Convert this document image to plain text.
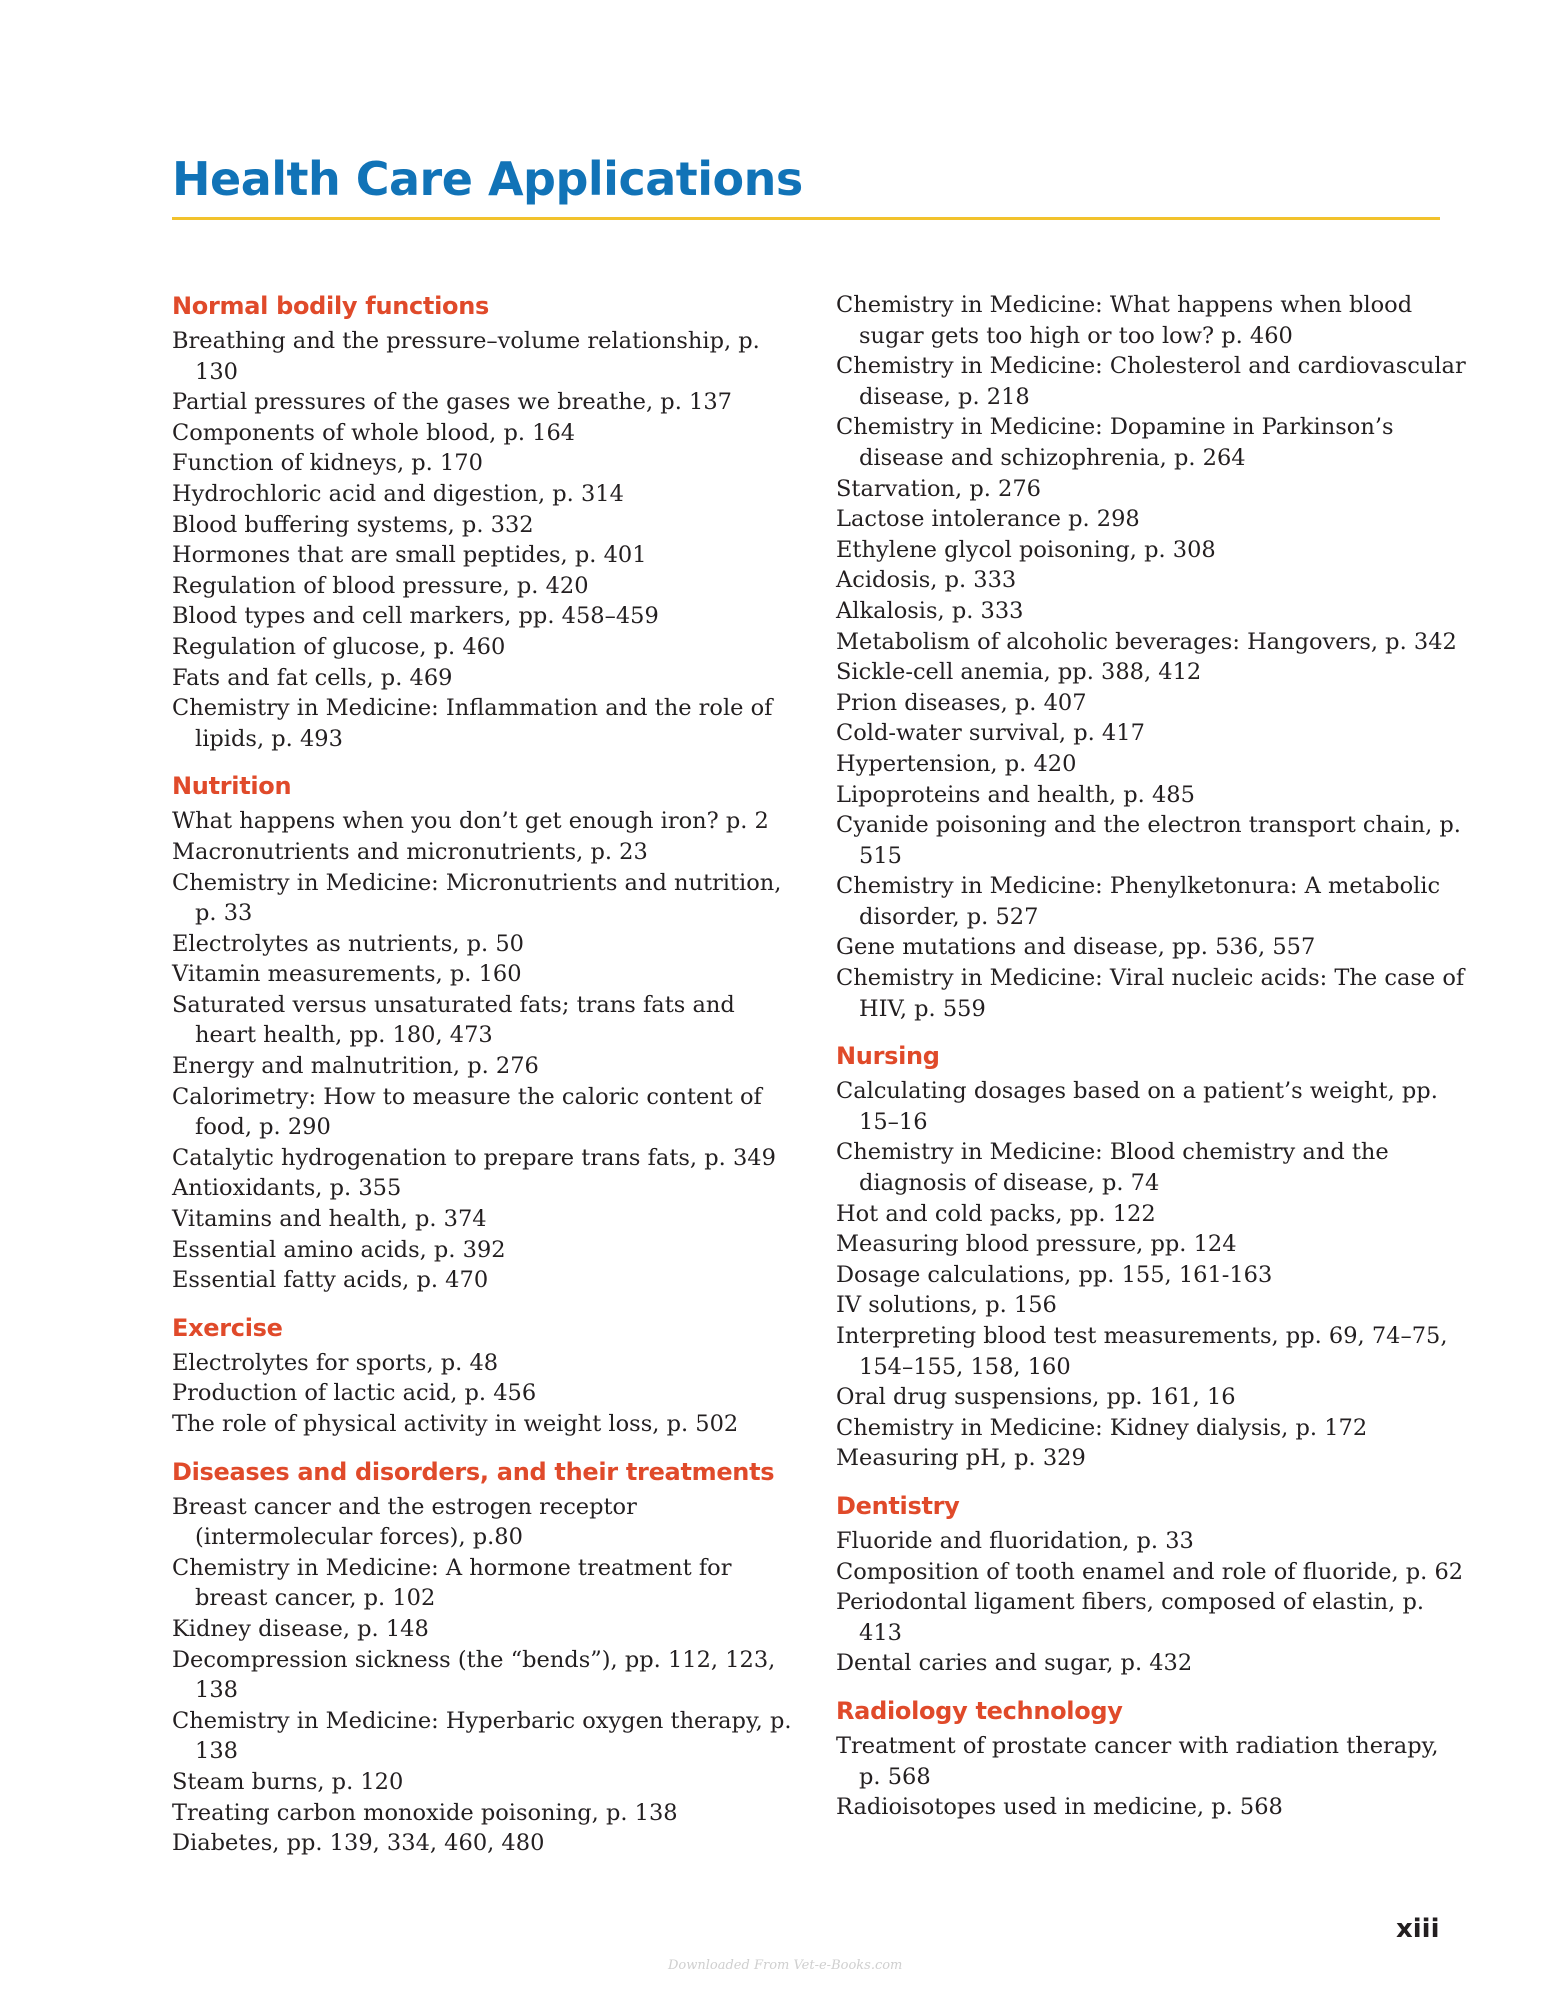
Health Care Applications
Normal bodily functions
Breathing and the pressure–volume relationship, p. 130
Partial pressures of the gases we breathe, p. 137
Components of whole blood, p. 164
Function of kidneys, p. 170
Hydrochloric acid and digestion, p. 314
Blood buffering systems, p. 332
Hormones that are small peptides, p. 401
Regulation of blood pressure, p. 420
Blood types and cell markers, pp. 458–459
Regulation of glucose, p. 460
Fats and fat cells, p. 469
Chemistry in Medicine: Inflammation and the role of lipids, p. 493
Nutrition
What happens when you don’t get enough iron? p. 2
Macronutrients and micronutrients, p. 23
Chemistry in Medicine: Micronutrients and nutrition, p. 33
Electrolytes as nutrients, p. 50
Vitamin measurements, p. 160
Saturated versus unsaturated fats; trans fats and heart health, pp. 180, 473
Energy and malnutrition, p. 276
Calorimetry: How to measure the caloric content of food, p. 290
Catalytic hydrogenation to prepare trans fats, p. 349
Antioxidants, p. 355
Vitamins and health, p. 374
Essential amino acids, p. 392
Essential fatty acids, p. 470
Exercise
Electrolytes for sports, p. 48
Production of lactic acid, p. 456
The role of physical activity in weight loss, p. 502
Diseases and disorders, and their treatments
Breast cancer and the estrogen receptor (intermolecular forces), p.80
Chemistry in Medicine: A hormone treatment for breast cancer, p. 102
Kidney disease, p. 148
Decompression sickness (the “bends”), pp. 112, 123, 138
Chemistry in Medicine: Hyperbaric oxygen therapy, p. 138
Steam burns, p. 120
Treating carbon monoxide poisoning, p. 138
Diabetes, pp. 139, 334, 460, 480
Chemistry in Medicine: What happens when blood sugar gets too high or too low? p. 460
Chemistry in Medicine: Cholesterol and cardiovascular disease, p. 218
Chemistry in Medicine: Dopamine in Parkinson’s disease and schizophrenia, p. 264
Starvation, p. 276
Lactose intolerance p. 298
Ethylene glycol poisoning, p. 308
Acidosis, p. 333
Alkalosis, p. 333
Metabolism of alcoholic beverages: Hangovers, p. 342
Sickle-cell anemia, pp. 388, 412
Prion diseases, p. 407
Cold-water survival, p. 417
Hypertension, p. 420
Lipoproteins and health, p. 485
Cyanide poisoning and the electron transport chain, p. 515
Chemistry in Medicine: Phenylketonura: A metabolic disorder, p. 527
Gene mutations and disease, pp. 536, 557
Chemistry in Medicine: Viral nucleic acids: The case of HIV, p. 559
Nursing
Calculating dosages based on a patient’s weight, pp. 15–16
Chemistry in Medicine: Blood chemistry and the diagnosis of disease, p. 74
Hot and cold packs, pp. 122
Measuring blood pressure, pp. 124
Dosage calculations, pp. 155, 161-163
IV solutions, p. 156
Interpreting blood test measurements, pp. 69, 74–75, 154–155, 158, 160
Oral drug suspensions, pp. 161, 16
Chemistry in Medicine: Kidney dialysis, p. 172
Measuring pH, p. 329
Dentistry
Fluoride and fluoridation, p. 33
Composition of tooth enamel and role of fluoride, p. 62
Periodontal ligament fibers, composed of elastin, p. 413
Dental caries and sugar, p. 432
Radiology technology
Treatment of prostate cancer with radiation therapy, p. 568
Radioisotopes used in medicine, p. 568
xiii
Downloaded From Vet-e-Books.com
